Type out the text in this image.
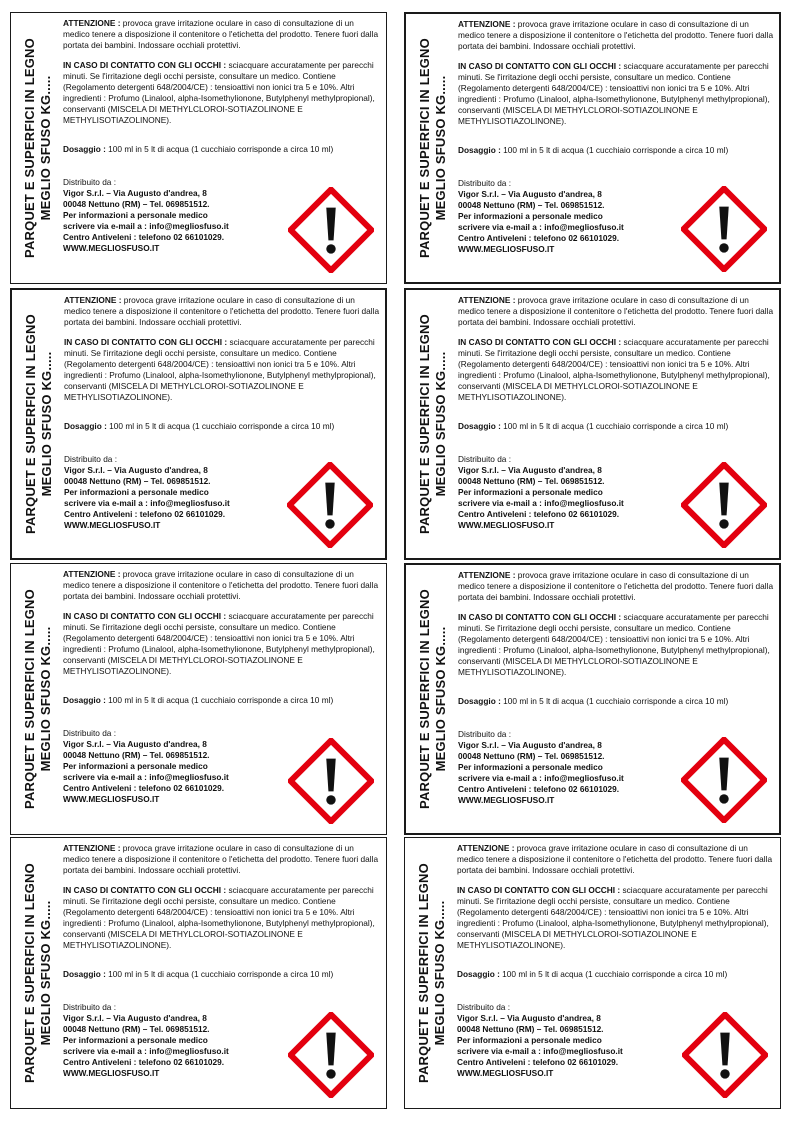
PARQUET E SUPERFICI IN LEGNO MEGLIO SFUSO KG.....

ATTENZIONE : provoca grave irritazione oculare in caso di consultazione di un medico tenere a disposizione il contenitore o l'etichetta del prodotto. Tenere fuori dalla portata dei bambini. Indossare occhiali protettivi.

IN CASO DI CONTATTO CON GLI OCCHI : sciacquare accuratamente per parecchi minuti. Se l'irritazione degli occhi persiste, consultare un medico. Contiene (Regolamento detergenti 648/2004/CE) : tensioattivi non ionici tra 5 e 10%. Altri ingredienti : Profumo (Linalool, alpha-Isomethylionone, Butylphenyl methylpropional), conservanti (MISCELA DI METHYLCLOROI-SOTIAZOLINONE E METHYLISOTIAZOLINONE).

Dosaggio : 100 ml in 5 lt di acqua (1 cucchiaio corrisponde a circa 10 ml)

Distribuito da :
Vigor S.r.l. – Via Augusto d'andrea, 8
00048 Nettuno (RM) – Tel. 069851512.
Per informazioni a personale medico
scrivere via e-mail a : info@megliosfuso.it
Centro Antiveleni : telefono 02 66101029.
WWW.MEGLIOSFUSO.IT	PARQUET E SUPERFICI IN LEGNO MEGLIO SFUSO KG.....

ATTENZIONE : provoca grave irritazione oculare in caso di consultazione di un medico tenere a disposizione il contenitore o l'etichetta del prodotto. Tenere fuori dalla portata dei bambini. Indossare occhiali protettivi.

IN CASO DI CONTATTO CON GLI OCCHI : sciacquare accuratamente per parecchi minuti. Se l'irritazione degli occhi persiste, consultare un medico. Contiene (Regolamento detergenti 648/2004/CE) : tensioattivi non ionici tra 5 e 10%. Altri ingredienti : Profumo (Linalool, alpha-Isomethylionone, Butylphenyl methylpropional), conservanti (MISCELA DI METHYLCLOROI-SOTIAZOLINONE E METHYLISOTIAZOLINONE).

Dosaggio : 100 ml in 5 lt di acqua (1 cucchiaio corrisponde a circa 10 ml)

Distribuito da :
Vigor S.r.l. – Via Augusto d'andrea, 8
00048 Nettuno (RM) – Tel. 069851512.
Per informazioni a personale medico
scrivere via e-mail a : info@megliosfuso.it
Centro Antiveleni : telefono 02 66101029.
WWW.MEGLIOSFUSO.IT
PARQUET E SUPERFICI IN LEGNO MEGLIO SFUSO KG.....

ATTENZIONE : provoca grave irritazione oculare in caso di consultazione di un medico tenere a disposizione il contenitore o l'etichetta del prodotto. Tenere fuori dalla portata dei bambini. Indossare occhiali protettivi.

IN CASO DI CONTATTO CON GLI OCCHI : sciacquare accuratamente per parecchi minuti. Se l'irritazione degli occhi persiste, consultare un medico. Contiene (Regolamento detergenti 648/2004/CE) : tensioattivi non ionici tra 5 e 10%. Altri ingredienti : Profumo (Linalool, alpha-Isomethylionone, Butylphenyl methylpropional), conservanti (MISCELA DI METHYLCLOROI-SOTIAZOLINONE E METHYLISOTIAZOLINONE).

Dosaggio : 100 ml in 5 lt di acqua (1 cucchiaio corrisponde a circa 10 ml)

Distribuito da :
Vigor S.r.l. – Via Augusto d'andrea, 8
00048 Nettuno (RM) – Tel. 069851512.
Per informazioni a personale medico
scrivere via e-mail a : info@megliosfuso.it
Centro Antiveleni : telefono 02 66101029.
WWW.MEGLIOSFUSO.IT	PARQUET E SUPERFICI IN LEGNO MEGLIO SFUSO KG.....

ATTENZIONE : provoca grave irritazione oculare in caso di consultazione di un medico tenere a disposizione il contenitore o l'etichetta del prodotto. Tenere fuori dalla portata dei bambini. Indossare occhiali protettivi.

IN CASO DI CONTATTO CON GLI OCCHI : sciacquare accuratamente per parecchi minuti. Se l'irritazione degli occhi persiste, consultare un medico. Contiene (Regolamento detergenti 648/2004/CE) : tensioattivi non ionici tra 5 e 10%. Altri ingredienti : Profumo (Linalool, alpha-Isomethylionone, Butylphenyl methylpropional), conservanti (MISCELA DI METHYLCLOROI-SOTIAZOLINONE E METHYLISOTIAZOLINONE).

Dosaggio : 100 ml in 5 lt di acqua (1 cucchiaio corrisponde a circa 10 ml)

Distribuito da :
Vigor S.r.l. – Via Augusto d'andrea, 8
00048 Nettuno (RM) – Tel. 069851512.
Per informazioni a personale medico
scrivere via e-mail a : info@megliosfuso.it
Centro Antiveleni : telefono 02 66101029.
WWW.MEGLIOSFUSO.IT
PARQUET E SUPERFICI IN LEGNO MEGLIO SFUSO KG.....

ATTENZIONE : provoca grave irritazione oculare in caso di consultazione di un medico tenere a disposizione il contenitore o l'etichetta del prodotto. Tenere fuori dalla portata dei bambini. Indossare occhiali protettivi.

IN CASO DI CONTATTO CON GLI OCCHI : sciacquare accuratamente per parecchi minuti. Se l'irritazione degli occhi persiste, consultare un medico. Contiene (Regolamento detergenti 648/2004/CE) : tensioattivi non ionici tra 5 e 10%. Altri ingredienti : Profumo (Linalool, alpha-Isomethylionone, Butylphenyl methylpropional), conservanti (MISCELA DI METHYLCLOROI-SOTIAZOLINONE E METHYLISOTIAZOLINONE).

Dosaggio : 100 ml in 5 lt di acqua (1 cucchiaio corrisponde a circa 10 ml)

Distribuito da :
Vigor S.r.l. – Via Augusto d'andrea, 8
00048 Nettuno (RM) – Tel. 069851512.
Per informazioni a personale medico
scrivere via e-mail a : info@megliosfuso.it
Centro Antiveleni : telefono 02 66101029.
WWW.MEGLIOSFUSO.IT	PARQUET E SUPERFICI IN LEGNO MEGLIO SFUSO KG.....

ATTENZIONE : provoca grave irritazione oculare in caso di consultazione di un medico tenere a disposizione il contenitore o l'etichetta del prodotto. Tenere fuori dalla portata dei bambini. Indossare occhiali protettivi.

IN CASO DI CONTATTO CON GLI OCCHI : sciacquare accuratamente per parecchi minuti. Se l'irritazione degli occhi persiste, consultare un medico. Contiene (Regolamento detergenti 648/2004/CE) : tensioattivi non ionici tra 5 e 10%. Altri ingredienti : Profumo (Linalool, alpha-Isomethylionone, Butylphenyl methylpropional), conservanti (MISCELA DI METHYLCLOROI-SOTIAZOLINONE E METHYLISOTIAZOLINONE).

Dosaggio : 100 ml in 5 lt di acqua (1 cucchiaio corrisponde a circa 10 ml)

Distribuito da :
Vigor S.r.l. – Via Augusto d'andrea, 8
00048 Nettuno (RM) – Tel. 069851512.
Per informazioni a personale medico
scrivere via e-mail a : info@megliosfuso.it
Centro Antiveleni : telefono 02 66101029.
WWW.MEGLIOSFUSO.IT
PARQUET E SUPERFICI IN LEGNO MEGLIO SFUSO KG.....

ATTENZIONE : provoca grave irritazione oculare in caso di consultazione di un medico tenere a disposizione il contenitore o l'etichetta del prodotto. Tenere fuori dalla portata dei bambini. Indossare occhiali protettivi.

IN CASO DI CONTATTO CON GLI OCCHI : sciacquare accuratamente per parecchi minuti. Se l'irritazione degli occhi persiste, consultare un medico. Contiene (Regolamento detergenti 648/2004/CE) : tensioattivi non ionici tra 5 e 10%. Altri ingredienti : Profumo (Linalool, alpha-Isomethylionone, Butylphenyl methylpropional), conservanti (MISCELA DI METHYLCLOROI-SOTIAZOLINONE E METHYLISOTIAZOLINONE).

Dosaggio : 100 ml in 5 lt di acqua (1 cucchiaio corrisponde a circa 10 ml)

Distribuito da :
Vigor S.r.l. – Via Augusto d'andrea, 8
00048 Nettuno (RM) – Tel. 069851512.
Per informazioni a personale medico
scrivere via e-mail a : info@megliosfuso.it
Centro Antiveleni : telefono 02 66101029.
WWW.MEGLIOSFUSO.IT	PARQUET E SUPERFICI IN LEGNO MEGLIO SFUSO KG.....

ATTENZIONE : provoca grave irritazione oculare in caso di consultazione di un medico tenere a disposizione il contenitore o l'etichetta del prodotto. Tenere fuori dalla portata dei bambini. Indossare occhiali protettivi.

IN CASO DI CONTATTO CON GLI OCCHI : sciacquare accuratamente per parecchi minuti. Se l'irritazione degli occhi persiste, consultare un medico. Contiene (Regolamento detergenti 648/2004/CE) : tensioattivi non ionici tra 5 e 10%. Altri ingredienti : Profumo (Linalool, alpha-Isomethylionone, Butylphenyl methylpropional), conservanti (MISCELA DI METHYLCLOROI-SOTIAZOLINONE E METHYLISOTIAZOLINONE).

Dosaggio : 100 ml in 5 lt di acqua (1 cucchiaio corrisponde a circa 10 ml)

Distribuito da :
Vigor S.r.l. – Via Augusto d'andrea, 8
00048 Nettuno (RM) – Tel. 069851512.
Per informazioni a personale medico
scrivere via e-mail a : info@megliosfuso.it
Centro Antiveleni : telefono 02 66101029.
WWW.MEGLIOSFUSO.IT
